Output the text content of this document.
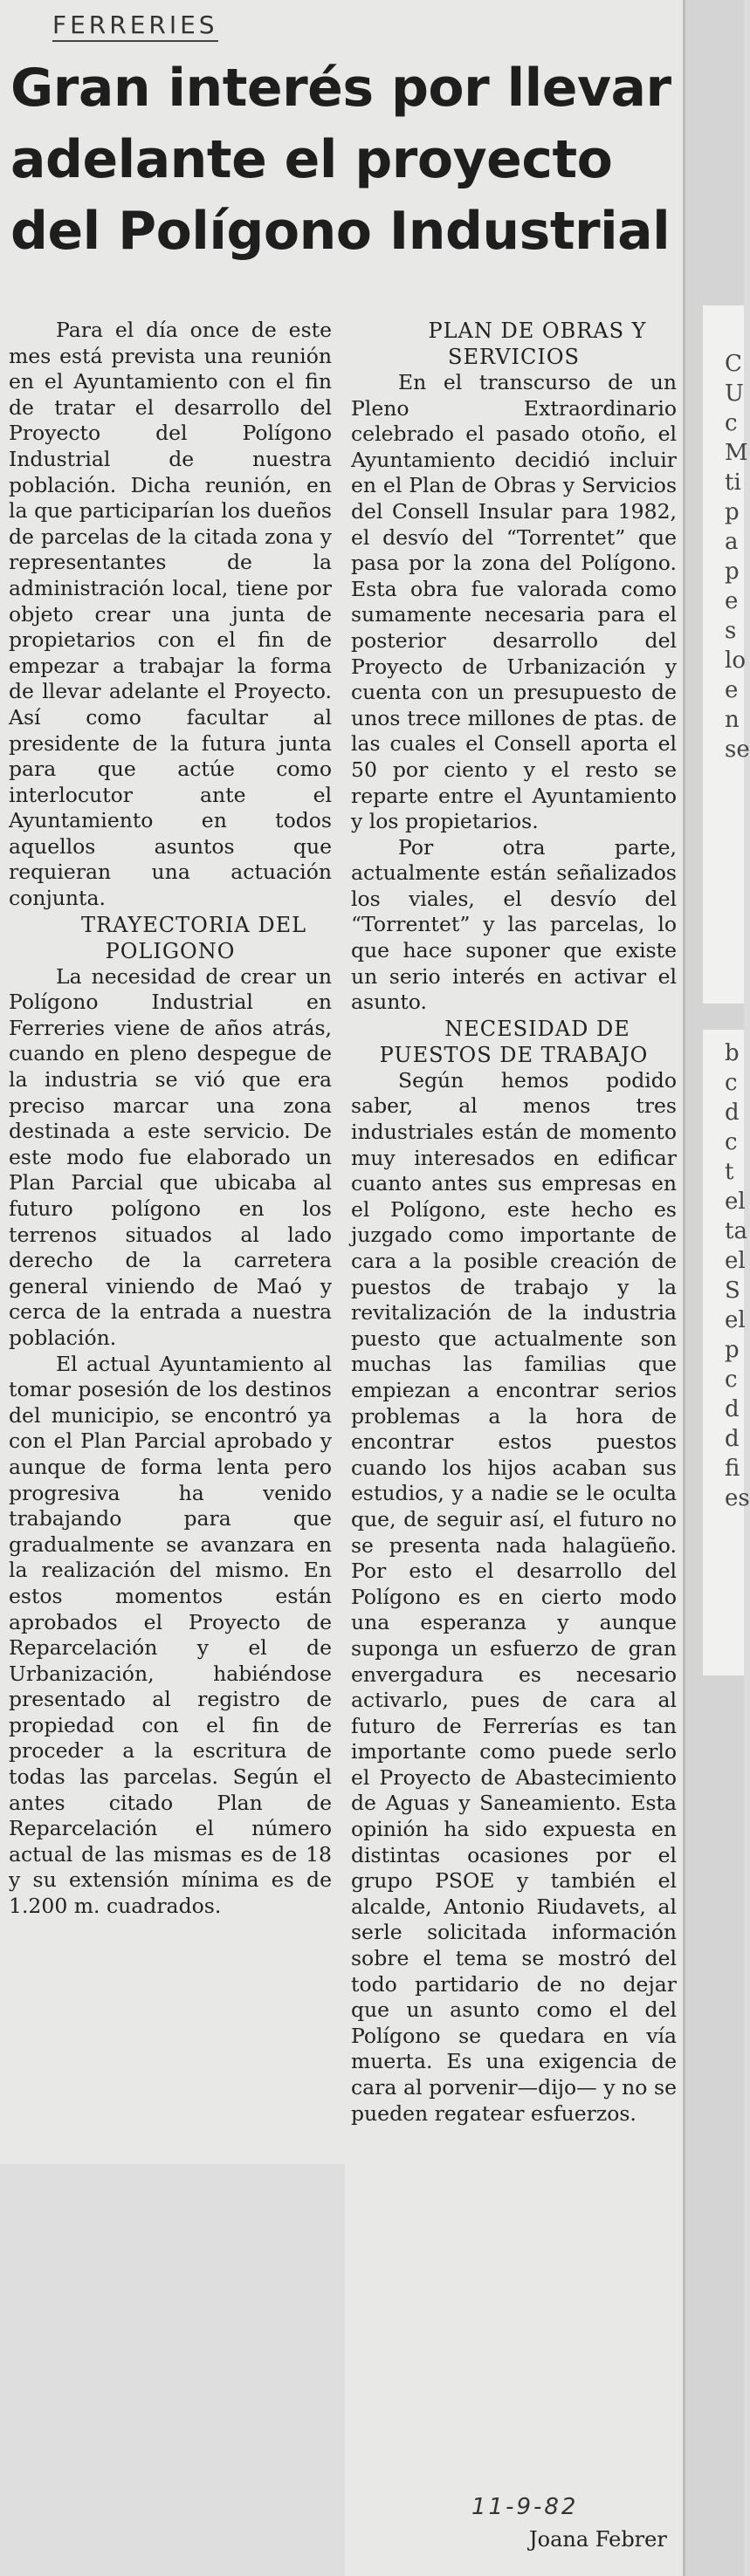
C
U
c
M
ti
p
a
p
e
s
lo
e
n
se
b
c
d
c
t
el
ta
el
S
el
p
c
d
d
fi
es

FERRERIES

Gran interés por llevar adelante el proyecto del Polígono Industrial

Para el día once de este mes está prevista una reunión en el Ayuntamiento con el fin de tratar el desarrollo del Proyecto del Polígono Industrial de nuestra población. Dicha reunión, en la que participarían los dueños de parcelas de la citada zona y representantes de la administración local, tiene por objeto crear una junta de propietarios con el fin de empezar a trabajar la forma de llevar adelante el Proyecto. Así como facultar al presidente de la futura junta para que actúe como interlocutor ante el Ayuntamiento en todos aquellos asuntos que requieran una actuación conjunta.

TRAYECTORIA DEL POLIGONO

La necesidad de crear un Polígono Industrial en Ferreries viene de años atrás, cuando en pleno despegue de la industria se vió que era preciso marcar una zona destinada a este servicio. De este modo fue elaborado un Plan Parcial que ubicaba al futuro polígono en los terrenos situados al lado derecho de la carretera general viniendo de Maó y cerca de la entrada a nuestra población.

El actual Ayuntamiento al tomar posesión de los destinos del municipio, se encontró ya con el Plan Parcial aprobado y aunque de forma lenta pero progresiva ha venido trabajando para que gradualmente se avanzara en la realización del mismo. En estos momentos están aprobados el Proyecto de Reparcelación y el de Urbanización, habiéndose presentado al registro de propiedad con el fin de proceder a la escritura de todas las parcelas. Según el antes citado Plan de Reparcelación el número actual de las mismas es de 18 y su extensión mínima es de 1.200 m. cuadrados.

PLAN DE OBRAS Y SERVICIOS

En el transcurso de un Pleno Extraordinario celebrado el pasado otoño, el Ayuntamiento decidió incluir en el Plan de Obras y Servicios del Consell Insular para 1982, el desvío del “Torrentet” que pasa por la zona del Polígono. Esta obra fue valorada como sumamente necesaria para el posterior desarrollo del Proyecto de Urbanización y cuenta con un presupuesto de unos trece millones de ptas. de las cuales el Consell aporta el 50 por ciento y el resto se reparte entre el Ayuntamiento y los propietarios.

Por otra parte, actualmente están señalizados los viales, el desvío del “Torrentet” y las parcelas, lo que hace suponer que existe un serio interés en activar el asunto.

NECESIDAD DE PUESTOS DE TRABAJO

Según hemos podido saber, al menos tres industriales están de momento muy interesados en edificar cuanto antes sus empresas en el Polígono, este hecho es juzgado como importante de cara a la posible creación de puestos de trabajo y la revitalización de la industria puesto que actualmente son muchas las familias que empiezan a encontrar serios problemas a la hora de encontrar estos puestos cuando los hijos acaban sus estudios, y a nadie se le oculta que, de seguir así, el futuro no se presenta nada halagüeño. Por esto el desarrollo del Polígono es en cierto modo una esperanza y aunque suponga un esfuerzo de gran envergadura es necesario activarlo, pues de cara al futuro de Ferrerías es tan importante como puede serlo el Proyecto de Abastecimiento de Aguas y Saneamiento. Esta opinión ha sido expuesta en distintas ocasiones por el grupo PSOE y también el alcalde, Antonio Riudavets, al serle solicitada información sobre el tema se mostró del todo partidario de no dejar que un asunto como el del Polígono se quedara en vía muerta. Es una exigencia de cara al porvenir—dijo— y no se pueden regatear esfuerzos.

11-9-82

Joana Febrer
